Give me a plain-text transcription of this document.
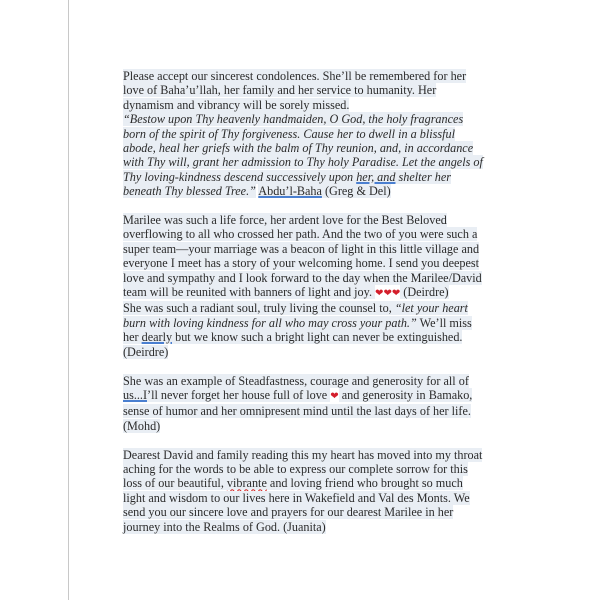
Please accept our sincerest condolences. She’ll be remembered for her love of Baha’u’llah, her family and her service to humanity. Her dynamism and vibrancy will be sorely missed.
“Bestow upon Thy heavenly handmaiden, O God, the holy fragrances born of the spirit of Thy forgiveness. Cause her to dwell in a blissful abode, heal her griefs with the balm of Thy reunion, and, in accordance with Thy will, grant her admission to Thy holy Paradise. Let the angels of Thy loving-kindness descend successively upon her, and shelter her beneath Thy blessed Tree.” Abdu’l-Baha (Greg & Del)

Marilee was such a life force, her ardent love for the Best Beloved overflowing to all who crossed her path. And the two of you were such a super team—your marriage was a beacon of light in this little village and everyone I meet has a story of your welcoming home. I send you deepest love and sympathy and I look forward to the day when the Marilee/David team will be reunited with banners of light and joy. ❤❤❤ (Deirdre)

She was such a radiant soul, truly living the counsel to, “let your heart burn with loving kindness for all who may cross your path.” We’ll miss her dearly but we know such a bright light can never be extinguished. (Deirdre)

She was an example of Steadfastness, courage and generosity for all of us...I’ll never forget her house full of love ❤ and generosity in Bamako, sense of humor and her omnipresent mind until the last days of her life. (Mohd)

Dearest David and family reading this my heart has moved into my throat aching for the words to be able to express our complete sorrow for this loss of our beautiful, vibrante and loving friend who brought so much light and wisdom to our lives here in Wakefield and Val des Monts. We send you our sincere love and prayers for our dearest Marilee in her journey into the Realms of God. (Juanita)
